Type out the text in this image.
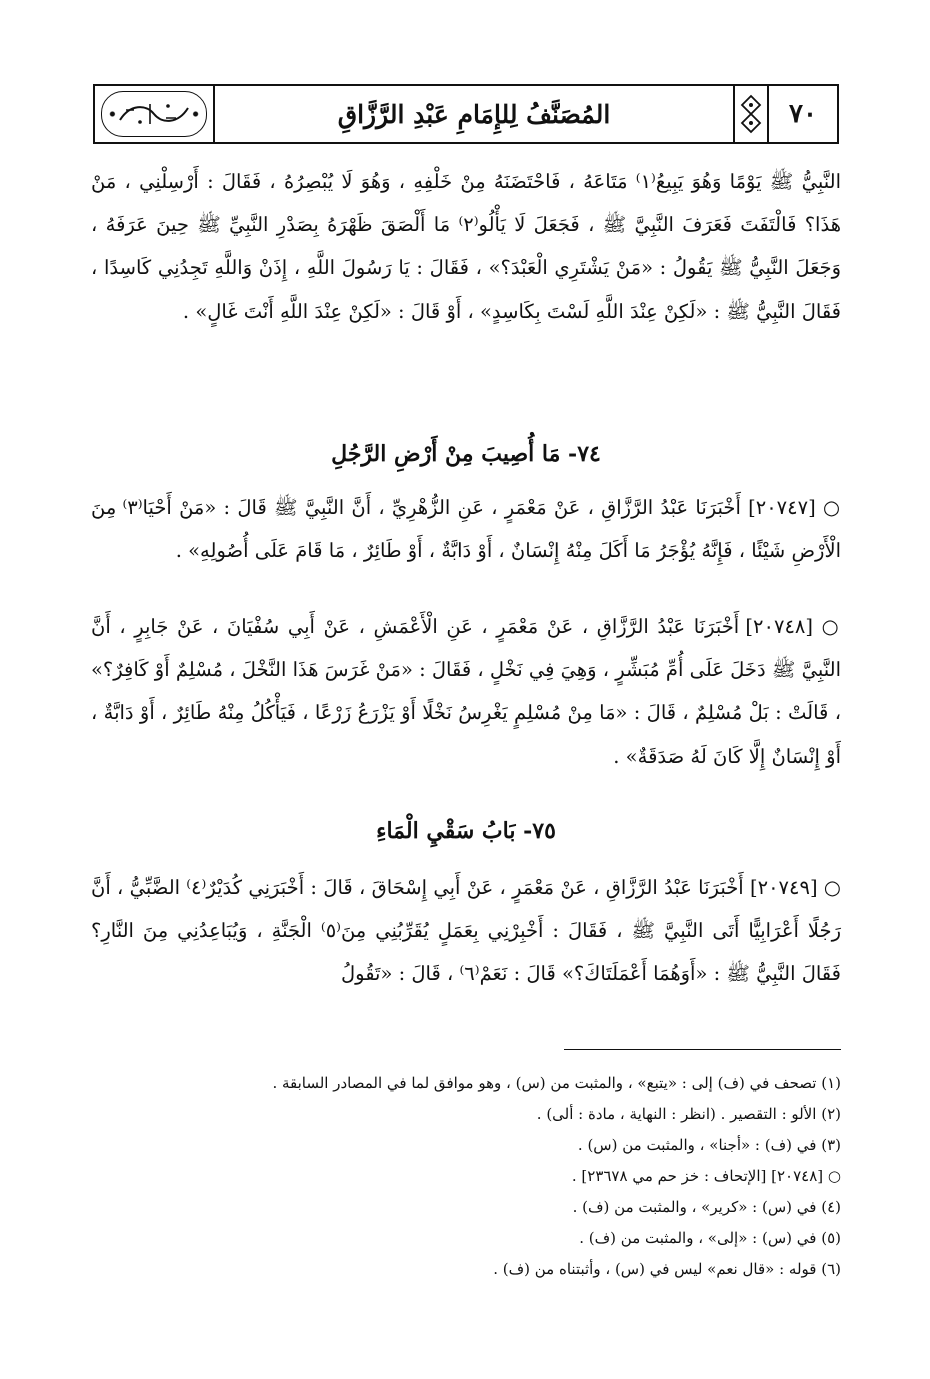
المُصَنَّفُ لِلإِمَامِ عَبْدِ الرَّزَّاقِ	٧٠
النَّبِيُّ ﷺ يَوْمًا وَهُوَ يَبِيعُ⁽١⁾ مَتَاعَهُ ، فَاحْتَضَنَهُ مِنْ خَلْفِهِ ، وَهُوَ لَا يُبْصِرُهُ ، فَقَالَ : أَرْسِلْنِي ، مَنْ هَذَا؟ فَالْتَفَتَ فَعَرَفَ النَّبِيَّ ﷺ ، فَجَعَلَ لَا يَأْلُو⁽٢⁾ مَا أَلْصَقَ ظَهْرَهُ بِصَدْرِ النَّبِيِّ ﷺ حِينَ عَرَفَهُ ، وَجَعَلَ النَّبِيُّ ﷺ يَقُولُ : «مَنْ يَشْتَرِي الْعَبْدَ؟» ، فَقَالَ : يَا رَسُولَ اللَّهِ ، إِذَنْ وَاللَّهِ تَجِدُنِي كَاسِدًا ، فَقَالَ النَّبِيُّ ﷺ : «لَكِنْ عِنْدَ اللَّهِ لَسْتَ بِكَاسِدٍ» ، أَوْ قَالَ : «لَكِنْ عِنْدَ اللَّهِ أَنْتَ غَالٍ» .
٧٤- مَا أُصِيبَ مِنْ أَرْضِ الرَّجُلِ
○ [٢٠٧٤٧] أَخْبَرَنَا عَبْدُ الرَّزَّاقِ ، عَنْ مَعْمَرٍ ، عَنِ الزُّهْرِيِّ ، أَنَّ النَّبِيَّ ﷺ قَالَ : «مَنْ أَحْيَا⁽٣⁾ مِنَ الْأَرْضِ شَيْئًا ، فَإِنَّهُ يُؤْجَرُ مَا أَكَلَ مِنْهُ إِنْسَانٌ ، أَوْ دَابَّةٌ ، أَوْ طَائِرٌ ، مَا قَامَ عَلَى أُصُولِهِ» .
○ [٢٠٧٤٨] أَخْبَرَنَا عَبْدُ الرَّزَّاقِ ، عَنْ مَعْمَرٍ ، عَنِ الْأَعْمَشِ ، عَنْ أَبِي سُفْيَانَ ، عَنْ جَابِرٍ ، أَنَّ النَّبِيَّ ﷺ دَخَلَ عَلَى أُمِّ مُبَشِّرٍ ، وَهِيَ فِي نَخْلٍ ، فَقَالَ : «مَنْ غَرَسَ هَذَا النَّخْلَ ، مُسْلِمٌ أَوْ كَافِرٌ؟» ، قَالَتْ : بَلْ مُسْلِمٌ ، قَالَ : «مَا مِنْ مُسْلِمٍ يَغْرِسُ نَخْلًا أَوْ يَزْرَعُ زَرْعًا ، فَيَأْكُلُ مِنْهُ طَائِرٌ ، أَوْ دَابَّةٌ ، أَوْ إِنْسَانٌ إِلَّا كَانَ لَهُ صَدَقَةٌ» .
٧٥- بَابُ سَقْيِ الْمَاءِ
○ [٢٠٧٤٩] أَخْبَرَنَا عَبْدُ الرَّزَّاقِ ، عَنْ مَعْمَرٍ ، عَنْ أَبِي إِسْحَاقَ ، قَالَ : أَخْبَرَنِي كُدَيْرٌ⁽٤⁾ الضَّبِّيُّ ، أَنَّ رَجُلًا أَعْرَابِيًّا أَتَى النَّبِيَّ ﷺ ، فَقَالَ : أَخْبِرْنِي بِعَمَلٍ يُقَرِّبُنِي مِنَ⁽٥⁾ الْجَنَّةِ ، وَيُبَاعِدُنِي مِنَ النَّارِ؟ فَقَالَ النَّبِيُّ ﷺ : «أَوَهُمَا أَعْمَلَتَاكَ؟» قَالَ : نَعَمْ⁽٦⁾ ، قَالَ : «تَقُولُ
(١) تصحف في (ف) إلى : «يتبع» ، والمثبت من (س) ، وهو موافق لما في المصادر السابقة .
(٢) الألو : التقصير . (انظر : النهاية ، مادة : ألى) .
(٣) في (ف) : «أجنا» ، والمثبت من (س) .
○ [٢٠٧٤٨] [الإتحاف : خز حم مي ٢٣٦٧٨] .
(٤) في (س) : «كرير» ، والمثبت من (ف) .
(٥) في (س) : «إلى» ، والمثبت من (ف) .
(٦) قوله : «قال نعم» ليس في (س) ، وأثبتناه من (ف) .
